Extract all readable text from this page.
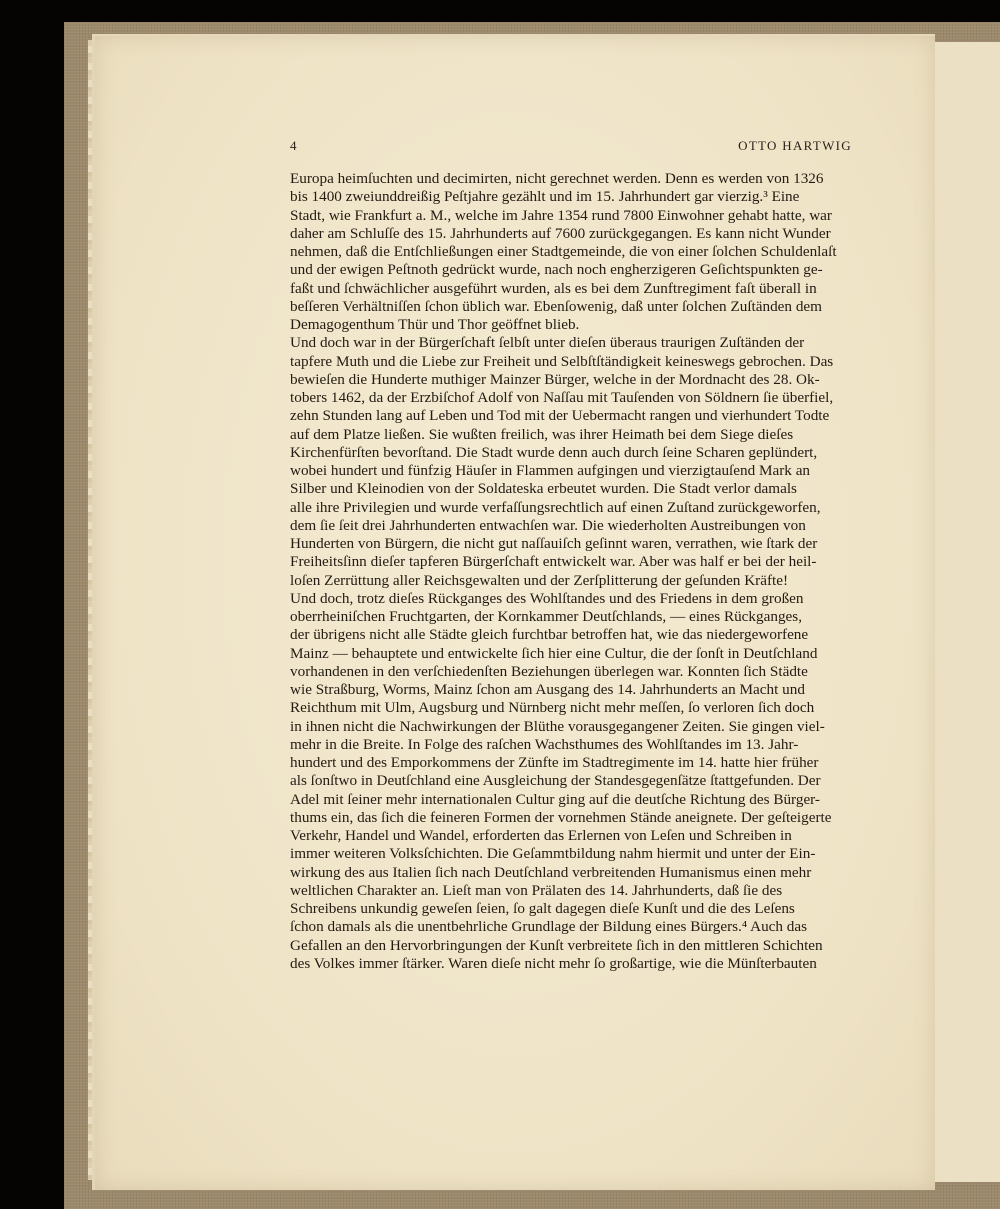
4	OTTO HARTWIG
Europa heimſuchten und decimirten, nicht gerechnet werden. Denn es werden von 1326
bis 1400 zweiunddreißig Peſtjahre gezählt und im 15. Jahrhundert gar vierzig.³ Eine
Stadt, wie Frankfurt a. M., welche im Jahre 1354 rund 7800 Einwohner gehabt hatte, war
daher am Schluſſe des 15. Jahrhunderts auf 7600 zurückgegangen. Es kann nicht Wunder
nehmen, daß die Entſchließungen einer Stadtgemeinde, die von einer ſolchen Schuldenlaſt
und der ewigen Peſtnoth gedrückt wurde, nach noch engherzigeren Geſichtspunkten ge-
faßt und ſchwächlicher ausgeführt wurden, als es bei dem Zunftregiment faſt überall in
beſſeren Verhältniſſen ſchon üblich war. Ebenſowenig, daß unter ſolchen Zuſtänden dem
Demagogenthum Thür und Thor geöffnet blieb.
Und doch war in der Bürgerſchaft ſelbſt unter dieſen überaus traurigen Zuſtänden der
tapfere Muth und die Liebe zur Freiheit und Selbſtſtändigkeit keineswegs gebrochen. Das
bewieſen die Hunderte muthiger Mainzer Bürger, welche in der Mordnacht des 28. Ok-
tobers 1462, da der Erzbiſchof Adolf von Naſſau mit Tauſenden von Söldnern ſie überfiel,
zehn Stunden lang auf Leben und Tod mit der Uebermacht rangen und vierhundert Todte
auf dem Platze ließen. Sie wußten freilich, was ihrer Heimath bei dem Siege dieſes
Kirchenfürſten bevorſtand. Die Stadt wurde denn auch durch ſeine Scharen geplündert,
wobei hundert und fünfzig Häuſer in Flammen aufgingen und vierzigtauſend Mark an
Silber und Kleinodien von der Soldateska erbeutet wurden. Die Stadt verlor damals
alle ihre Privilegien und wurde verfaſſungsrechtlich auf einen Zuſtand zurückgeworfen,
dem ſie ſeit drei Jahrhunderten entwachſen war. Die wiederholten Austreibungen von
Hunderten von Bürgern, die nicht gut naſſauiſch geſinnt waren, verrathen, wie ſtark der
Freiheitsſinn dieſer tapferen Bürgerſchaft entwickelt war. Aber was half er bei der heil-
loſen Zerrüttung aller Reichsgewalten und der Zerſplitterung der geſunden Kräfte!
Und doch, trotz dieſes Rückganges des Wohlſtandes und des Friedens in dem großen
oberrheiniſchen Fruchtgarten, der Kornkammer Deutſchlands, — eines Rückganges,
der übrigens nicht alle Städte gleich furchtbar betroffen hat, wie das niedergeworfene
Mainz — behauptete und entwickelte ſich hier eine Cultur, die der ſonſt in Deutſchland
vorhandenen in den verſchiedenſten Beziehungen überlegen war. Konnten ſich Städte
wie Straßburg, Worms, Mainz ſchon am Ausgang des 14. Jahrhunderts an Macht und
Reichthum mit Ulm, Augsburg und Nürnberg nicht mehr meſſen, ſo verloren ſich doch
in ihnen nicht die Nachwirkungen der Blüthe vorausgegangener Zeiten. Sie gingen viel-
mehr in die Breite. In Folge des raſchen Wachsthumes des Wohlſtandes im 13. Jahr-
hundert und des Emporkommens der Zünfte im Stadtregimente im 14. hatte hier früher
als ſonſtwo in Deutſchland eine Ausgleichung der Standesgegenſätze ſtattgefunden. Der
Adel mit ſeiner mehr internationalen Cultur ging auf die deutſche Richtung des Bürger-
thums ein, das ſich die feineren Formen der vornehmen Stände aneignete. Der geſteigerte
Verkehr, Handel und Wandel, erforderten das Erlernen von Leſen und Schreiben in
immer weiteren Volksſchichten. Die Geſammtbildung nahm hiermit und unter der Ein-
wirkung des aus Italien ſich nach Deutſchland verbreitenden Humanismus einen mehr
weltlichen Charakter an. Lieſt man von Prälaten des 14. Jahrhunderts, daß ſie des
Schreibens unkundig geweſen ſeien, ſo galt dagegen dieſe Kunſt und die des Leſens
ſchon damals als die unentbehrliche Grundlage der Bildung eines Bürgers.⁴ Auch das
Gefallen an den Hervorbringungen der Kunſt verbreitete ſich in den mittleren Schichten
des Volkes immer ſtärker. Waren dieſe nicht mehr ſo großartige, wie die Münſterbauten
